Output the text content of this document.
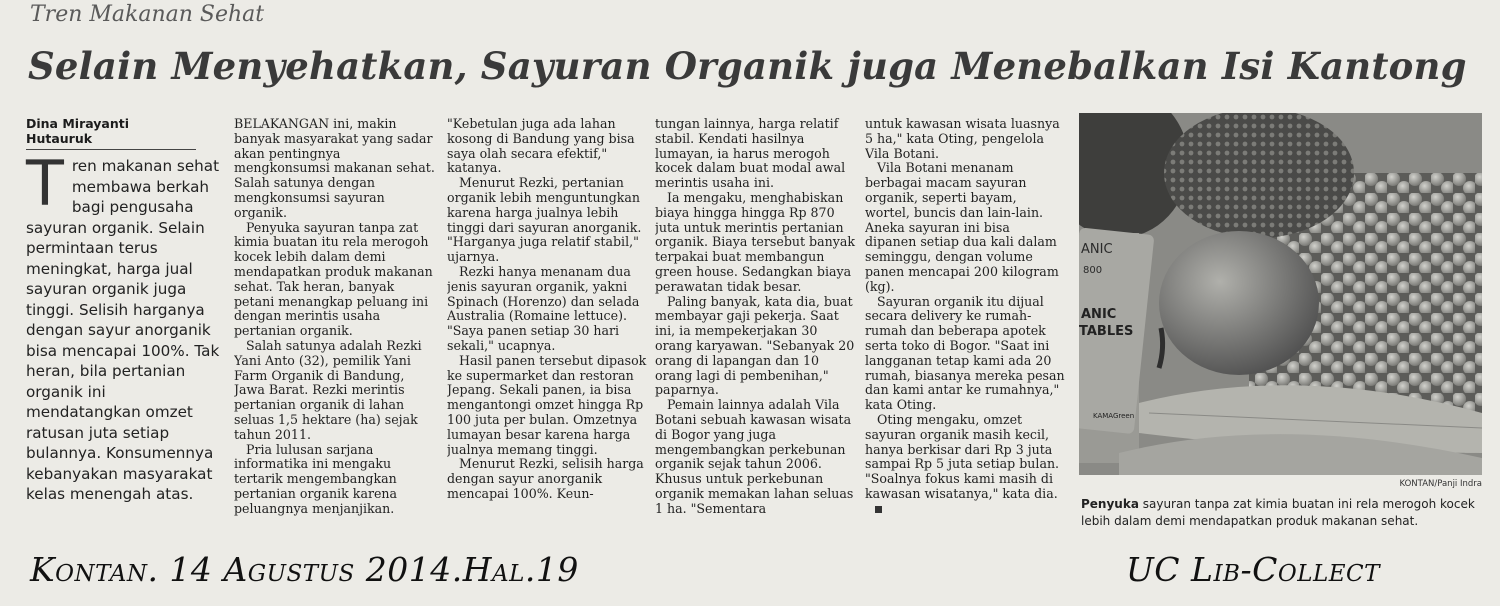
Tren Makanan Sehat
Selain Menyehatkan, Sayuran Organik juga Menebalkan Isi Kantong
Dina Mirayanti Hutauruk
Tren makanan sehat membawa berkah bagi pengusaha sayuran organik. Selain permintaan terus meningkat, harga jual sayuran organik juga tinggi. Selisih harganya dengan sayur anorganik bisa mencapai 100%. Tak heran, bila pertanian organik ini mendatangkan omzet ratusan juta setiap bulannya. Konsumennya kebanyakan masyarakat kelas menengah atas.

BELAKANGAN ini, makin banyak masyarakat yang sadar akan pentingnya mengkonsumsi makanan sehat. Salah satunya dengan mengkonsumsi sayuran organik.

Penyuka sayuran tanpa zat kimia buatan itu rela merogoh kocek lebih dalam demi mendapatkan produk makanan sehat. Tak heran, banyak petani menangkap peluang ini dengan merintis usaha pertanian organik.

Salah satunya adalah Rezki Yani Anto (32), pemilik Yani Farm Organik di Bandung, Jawa Barat. Rezki merintis pertanian organik di lahan seluas 1,5 hektare (ha) sejak tahun 2011.

Pria lulusan sarjana informatika ini mengaku tertarik mengembangkan pertanian organik karena peluangnya menjanjikan.

"Kebetulan juga ada lahan kosong di Bandung yang bisa saya olah secara efektif," katanya.

Menurut Rezki, pertanian organik lebih menguntungkan karena harga jualnya lebih tinggi dari sayuran anorganik. "Harganya juga relatif stabil," ujarnya.

Rezki hanya menanam dua jenis sayuran organik, yakni Spinach (Horenzo) dan selada Australia (Romaine lettuce). "Saya panen setiap 30 hari sekali," ucapnya.

Hasil panen tersebut dipasok ke supermarket dan restoran Jepang. Sekali panen, ia bisa mengantongi omzet hingga Rp 100 juta per bulan. Omzetnya lumayan besar karena harga jualnya memang tinggi.

Menurut Rezki, selisih harga dengan sayur anorganik mencapai 100%. Keun-

tungan lainnya, harga relatif stabil. Kendati hasilnya lumayan, ia harus merogoh kocek dalam buat modal awal merintis usaha ini.

Ia mengaku, menghabiskan biaya hingga hingga Rp 870 juta untuk merintis pertanian organik. Biaya tersebut banyak terpakai buat membangun green house. Sedangkan biaya perawatan tidak besar.

Paling banyak, kata dia, buat membayar gaji pekerja. Saat ini, ia mempekerjakan 30 orang karyawan. "Sebanyak 20 orang di lapangan dan 10 orang lagi di pembenihan," paparnya.

Pemain lainnya adalah Vila Botani sebuah kawasan wisata di Bogor yang juga mengembangkan perkebunan organik sejak tahun 2006. Khusus untuk perkebunan organik memakan lahan seluas 1 ha. "Sementara

untuk kawasan wisata luasnya 5 ha," kata Oting, pengelola Vila Botani.

Vila Botani menanam berbagai macam sayuran organik, seperti bayam, wortel, buncis dan lain-lain. Aneka sayuran ini bisa dipanen setiap dua kali dalam seminggu, dengan volume panen mencapai 200 kilogram (kg).

Sayuran organik itu dijual secara delivery ke rumah-rumah dan beberapa apotek serta toko di Bogor. "Saat ini langganan tetap kami ada 20 rumah, biasanya mereka pesan dan kami antar ke rumahnya," kata Oting.

Oting mengaku, omzet sayuran organik masih kecil, hanya berkisar dari Rp 3 juta sampai Rp 5 juta setiap bulan. "Soalnya fokus kami masih di kawasan wisatanya," kata dia.

ANIC
800
ANIC
TABLES
KAMAGreen
KONTAN/Panji Indra
Penyuka sayuran tanpa zat kimia buatan ini rela merogoh kocek lebih dalam demi mendapatkan produk makanan sehat.
Kontan. 14 Agustus 2014.Hal.19	UC Lib-Collect
